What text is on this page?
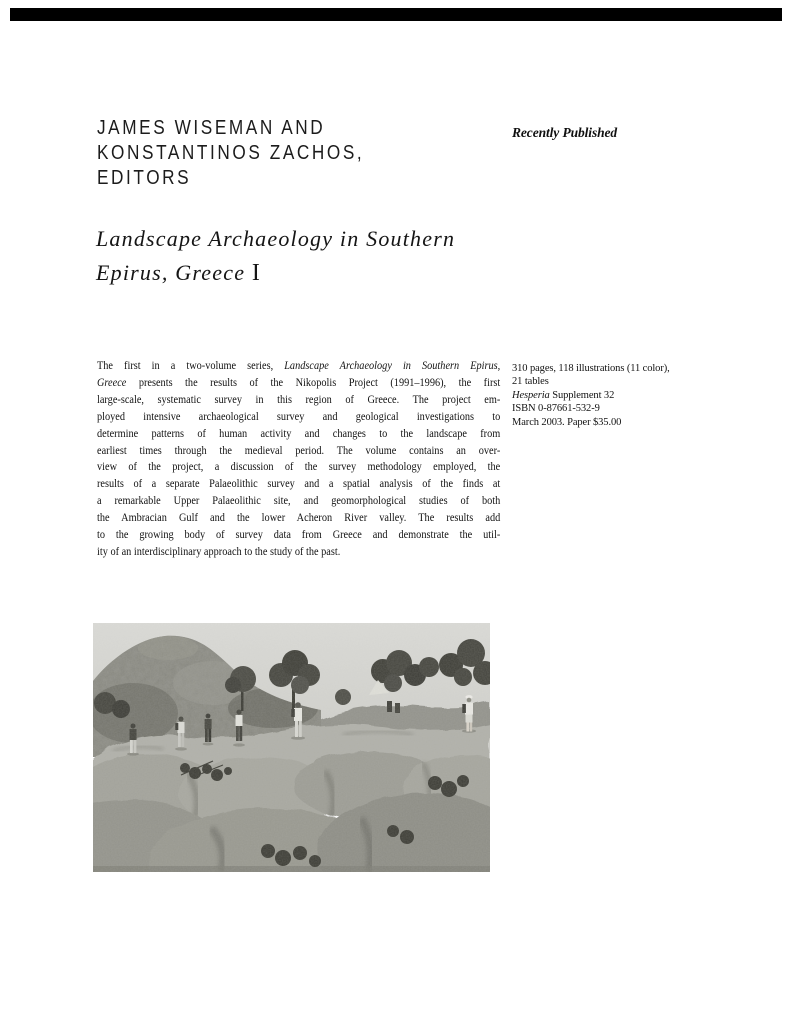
JAMES WISEMAN AND
KONSTANTINOS ZACHOS,
EDITORS
Recently Published
Landscape Archaeology in Southern
Epirus, Greece I
The first in a two-volume series, Landscape Archaeology in Southern Epirus,
Greece presents the results of the Nikopolis Project (1991–1996), the first
large-scale, systematic survey in this region of Greece. The project em-
ployed intensive archaeological survey and geological investigations to
determine patterns of human activity and changes to the landscape from
earliest times through the medieval period. The volume contains an over-
view of the project, a discussion of the survey methodology employed, the
results of a separate Palaeolithic survey and a spatial analysis of the finds at
a remarkable Upper Palaeolithic site, and geomorphological studies of both
the Ambracian Gulf and the lower Acheron River valley. The results add
to the growing body of survey data from Greece and demonstrate the util-
ity of an interdisciplinary approach to the study of the past.
310 pages, 118 illustrations (11 color),
21 tables
Hesperia Supplement 32
ISBN 0-87661-532-9
March 2003. Paper $35.00
